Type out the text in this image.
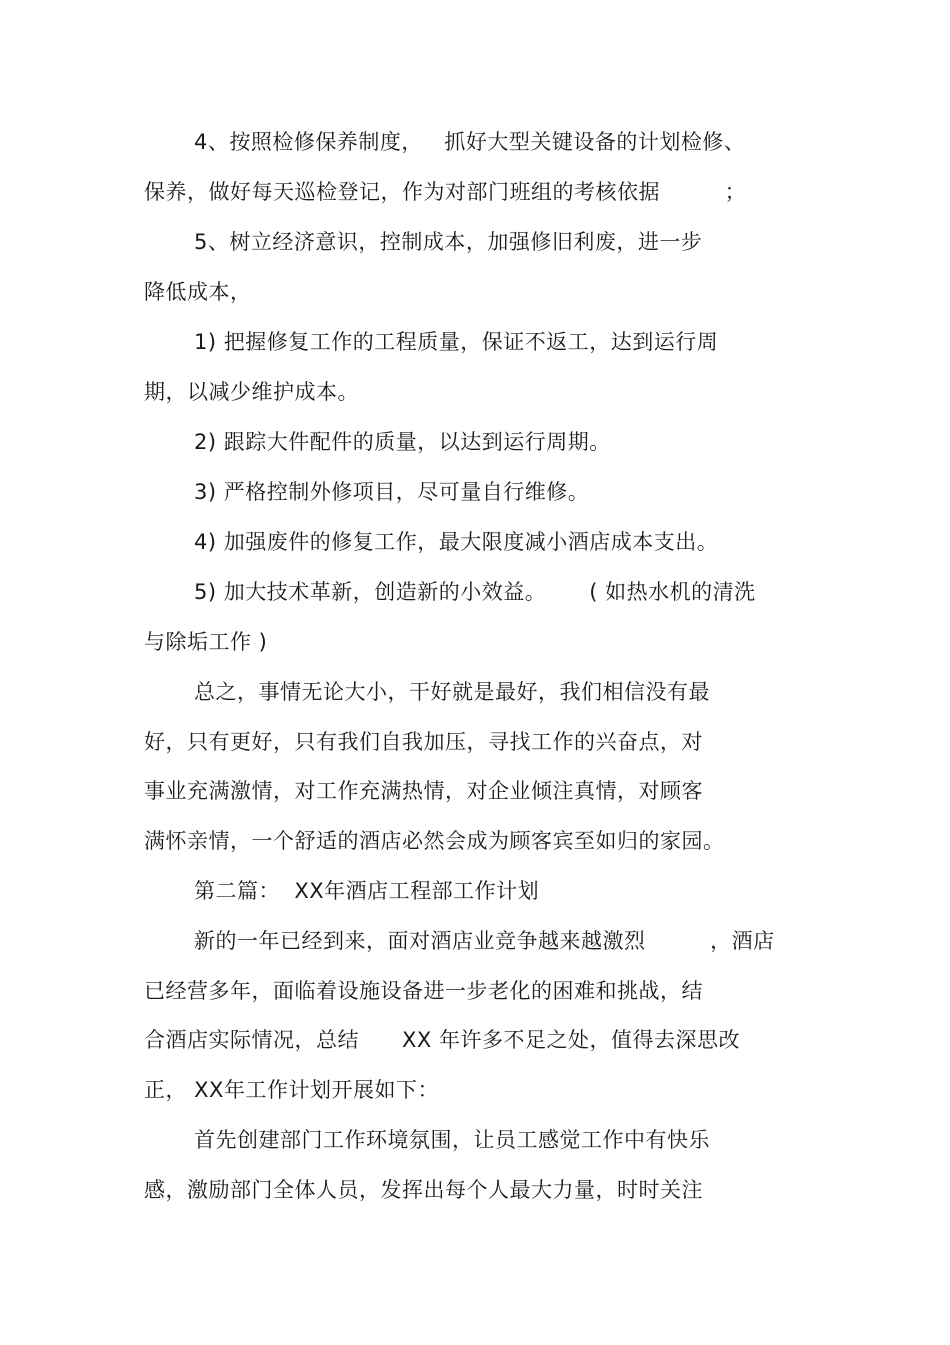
4、按照检修保养制度，   抓好大型关键设备的计划检修、
保养，做好每天巡检登记，作为对部门班组的考核依据         ；
5、树立经济意识，控制成本，加强修旧利废，进一步
降低成本，
1) 把握修复工作的工程质量，保证不返工，达到运行周
期，以减少维护成本。
2) 跟踪大件配件的质量，以达到运行周期。
3) 严格控制外修项目，尽可量自行维修。
4) 加强废件的修复工作，最大限度减小酒店成本支出。
5) 加大技术革新，创造新的小效益。      ( 如热水机的清洗
与除垢工作 )
总之，事情无论大小，干好就是最好，我们相信没有最
好，只有更好，只有我们自我加压，寻找工作的兴奋点，对
事业充满激情，对工作充满热情，对企业倾注真情，对顾客
满怀亲情，一个舒适的酒店必然会成为顾客宾至如归的家园。
第二篇：  XX年酒店工程部工作计划
新的一年已经到来，面对酒店业竞争越来越激烈         ，酒店
已经营多年，面临着设施设备进一步老化的困难和挑战，结
合酒店实际情况，总结      XX 年许多不足之处，值得去深思改
正， XX年工作计划开展如下：
首先创建部门工作环境氛围，让员工感觉工作中有快乐
感，激励部门全体人员，发挥出每个人最大力量，时时关注
